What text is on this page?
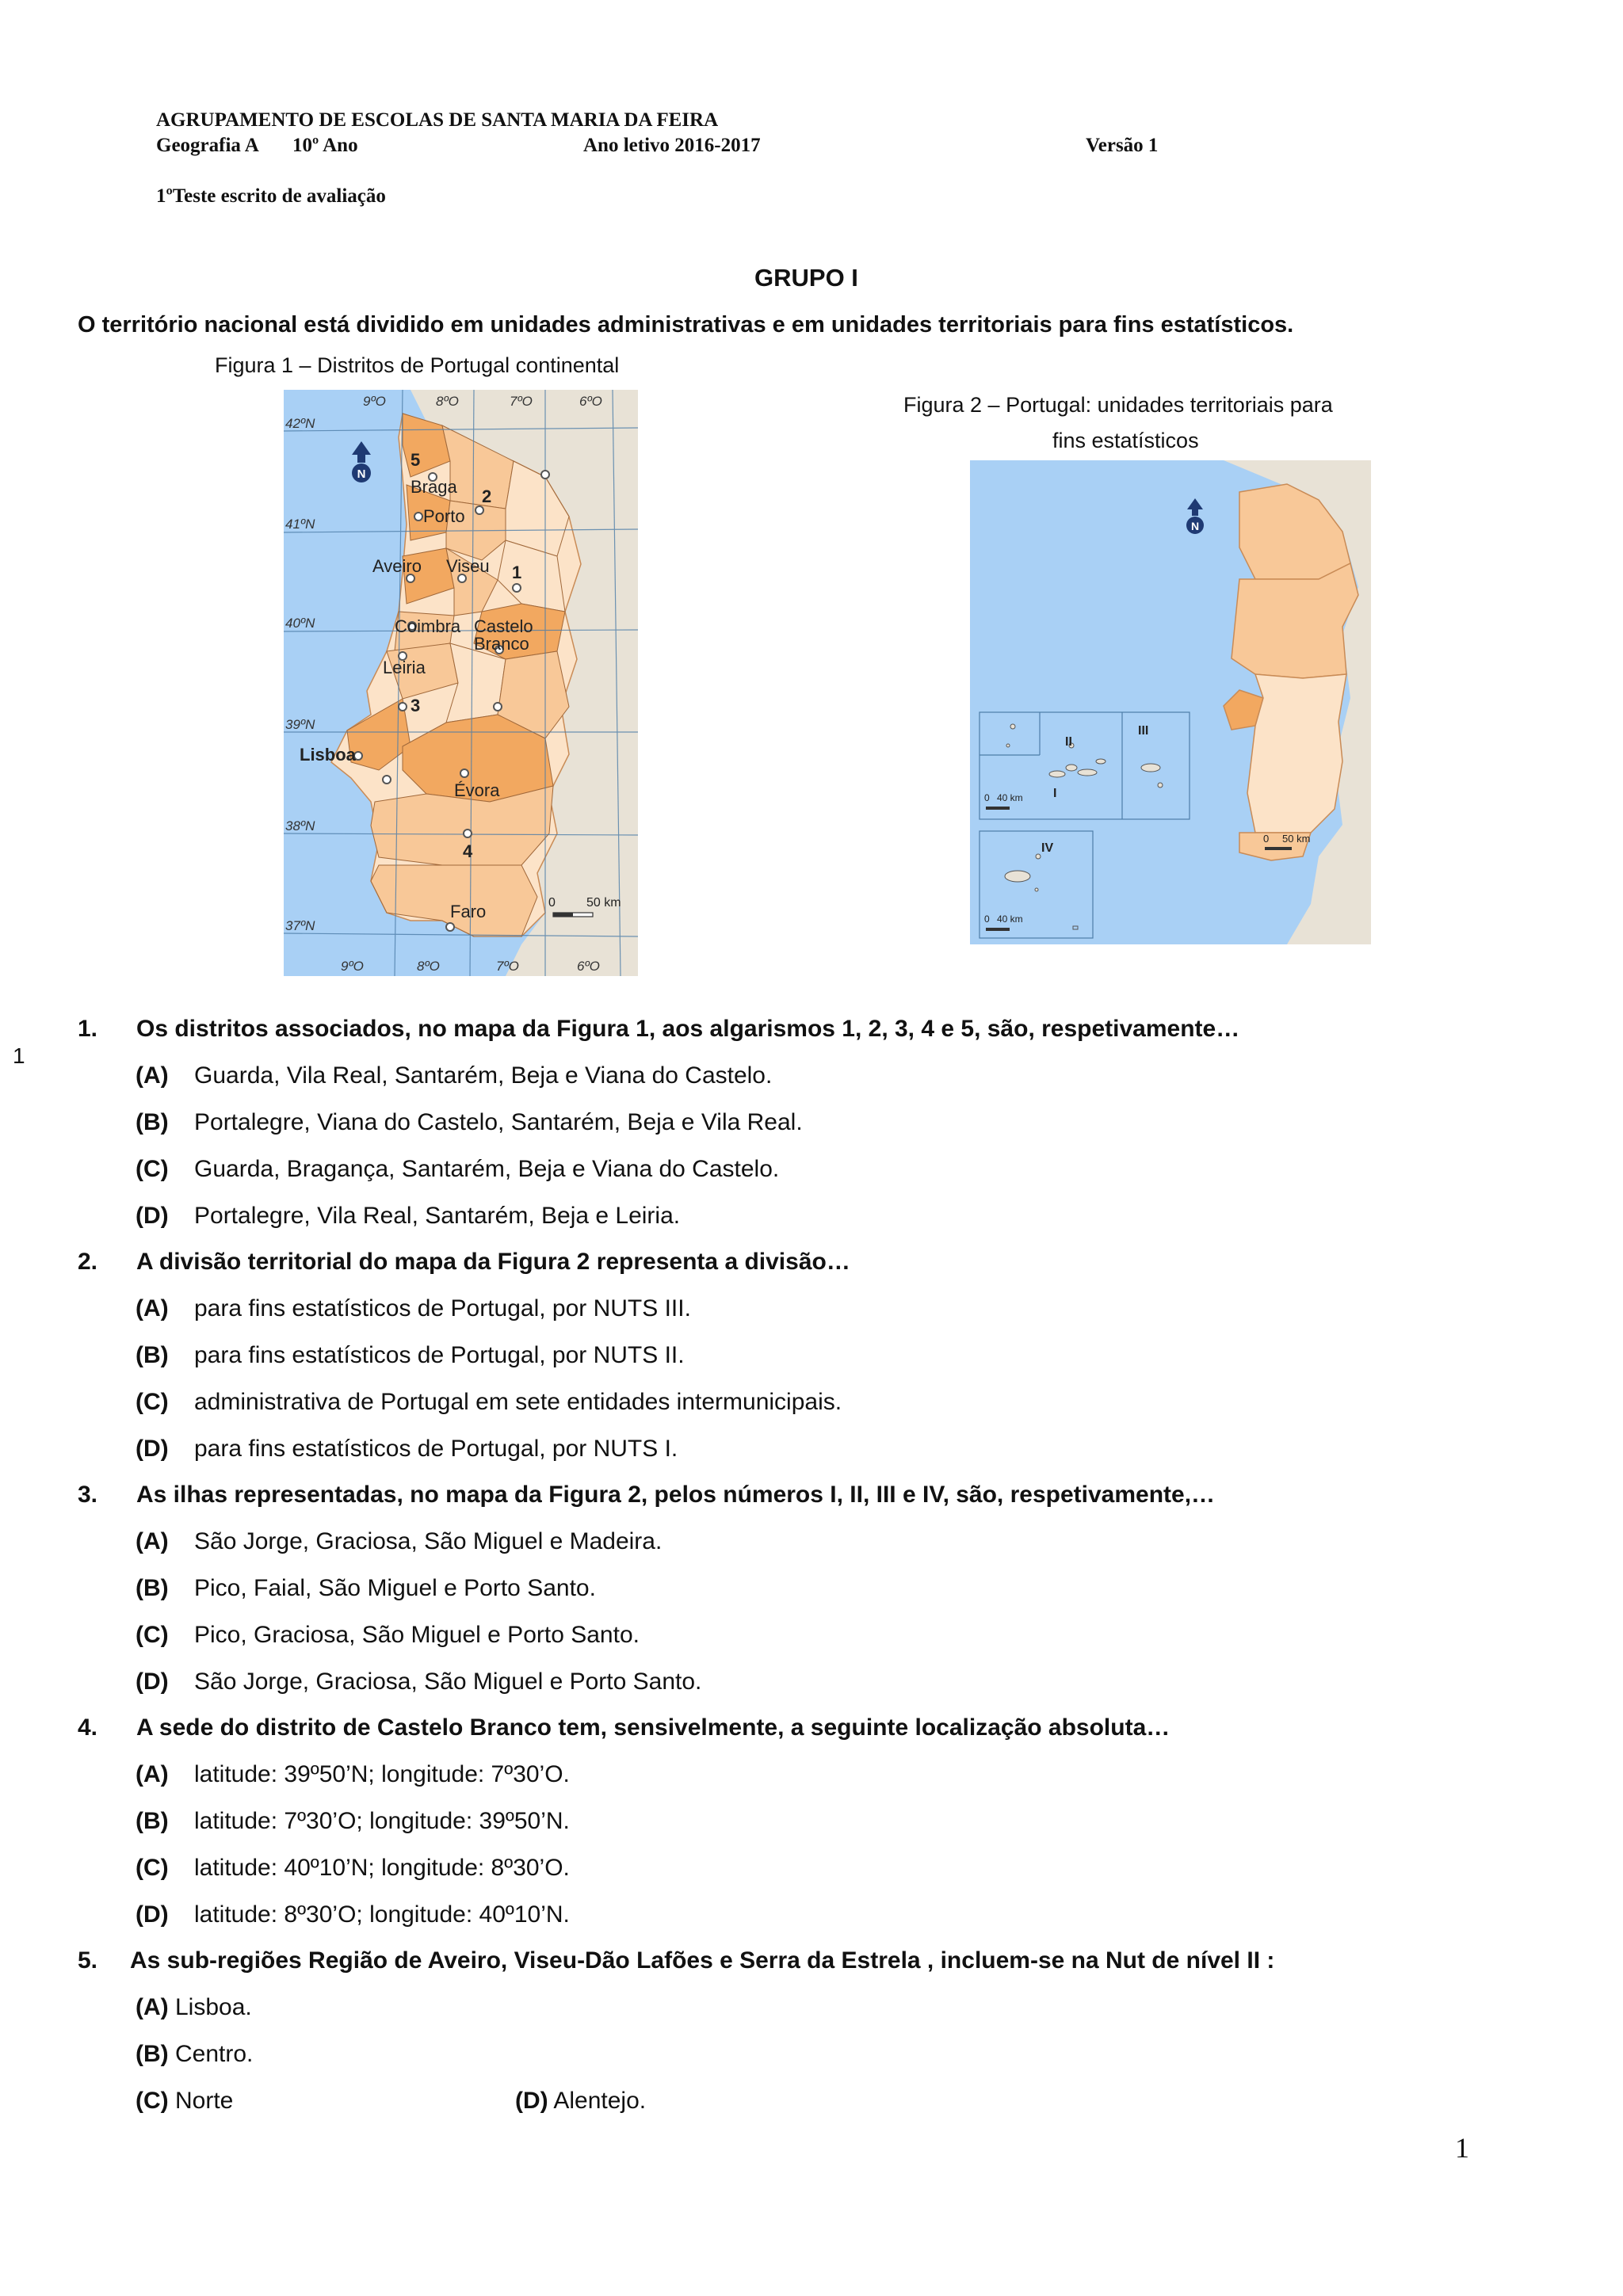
AGRUPAMENTO DE ESCOLAS DE SANTA MARIA DA FEIRA
Geografia A 10º Ano	Ano letivo 2016-2017	Versão 1
1ºTeste escrito de avaliação
GRUPO I
O território nacional está dividido em unidades administrativas e em unidades territoriais para fins estatísticos.
Figura 1 – Distritos de Portugal continental
9ºO	8ºO	7ºO	6ºO
9ºO	8ºO	7ºO	6ºO
42ºN
41ºN
40ºN
39ºN
38ºN
37ºN
N
Braga
Porto
Aveiro Viseu
Coimbra Castelo
Branco
Leiria
Lisboa
Évora
Faro
5
2
1
3
4
0 50 km
Figura 2 – Portugal: unidades territoriais para
fins estatísticos
N
I
II
III
0 40 km
IV
0 40 km
0 50 km
1
1. Os distritos associados, no mapa da Figura 1, aos algarismos 1, 2, 3, 4 e 5, são, respetivamente…
(A) Guarda, Vila Real, Santarém, Beja e Viana do Castelo.
(B) Portalegre, Viana do Castelo, Santarém, Beja e Vila Real.
(C) Guarda, Bragança, Santarém, Beja e Viana do Castelo.
(D) Portalegre, Vila Real, Santarém, Beja e Leiria.
2. A divisão territorial do mapa da Figura 2 representa a divisão…
(A) para fins estatísticos de Portugal, por NUTS III.
(B) para fins estatísticos de Portugal, por NUTS II.
(C) administrativa de Portugal em sete entidades intermunicipais.
(D) para fins estatísticos de Portugal, por NUTS I.
3. As ilhas representadas, no mapa da Figura 2, pelos números I, II, III e IV, são, respetivamente,…
(A) São Jorge, Graciosa, São Miguel e Madeira.
(B) Pico, Faial, São Miguel e Porto Santo.
(C) Pico, Graciosa, São Miguel e Porto Santo.
(D) São Jorge, Graciosa, São Miguel e Porto Santo.
4. A sede do distrito de Castelo Branco tem, sensivelmente, a seguinte localização absoluta…
(A) latitude: 39º50’N; longitude: 7º30’O.
(B) latitude: 7º30’O; longitude: 39º50’N.
(C) latitude: 40º10’N; longitude: 8º30’O.
(D) latitude: 8º30’O; longitude: 40º10’N.
5. As sub-regiões Região de Aveiro, Viseu-Dão Lafões e Serra da Estrela , incluem-se na Nut de nível II :
(A) Lisboa.
(B) Centro.
(C) Norte	(D) Alentejo.
1
